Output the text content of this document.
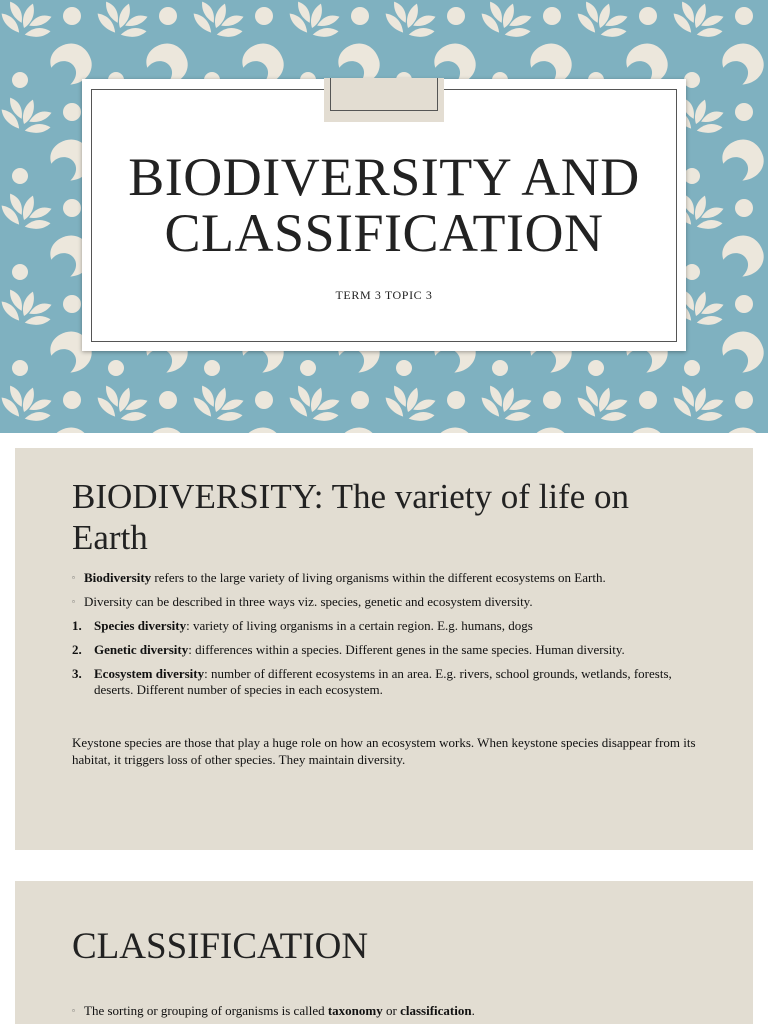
BIODIVERSITY AND
CLASSIFICATION
TERM 3 TOPIC 3
BIODIVERSITY: The variety of life on Earth
▫ Biodiversity refers to the large variety of living organisms within the different ecosystems on Earth.
▫ Diversity can be described in three ways viz. species, genetic and ecosystem diversity.
1. Species diversity: variety of living organisms in a certain region. E.g. humans, dogs
2. Genetic diversity: differences within a species. Different genes in the same species. Human diversity.
3. Ecosystem diversity: number of different ecosystems in an area. E.g. rivers, school grounds, wetlands, forests, deserts. Different number of species in each ecosystem.
Keystone species are those that play a huge role on how an ecosystem works. When keystone species disappear from its habitat, it triggers loss of other species. They maintain diversity.
CLASSIFICATION
▫ The sorting or grouping of organisms is called taxonomy or classification.
